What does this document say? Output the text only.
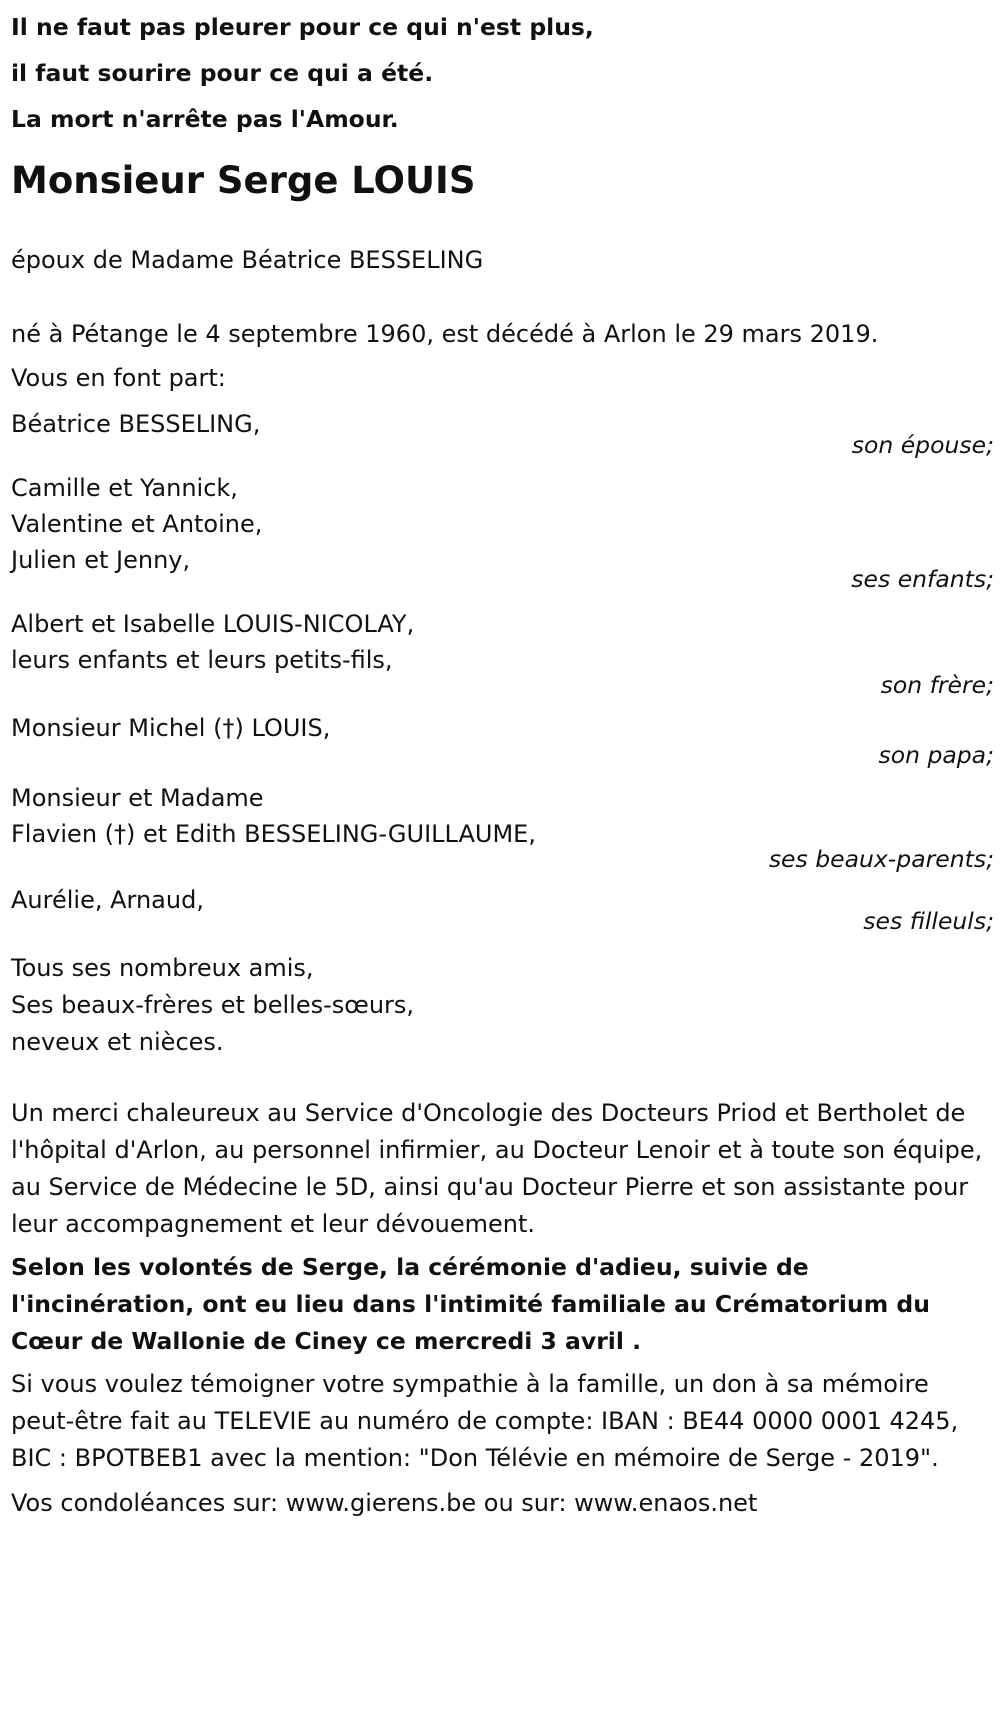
Il ne faut pas pleurer pour ce qui n'est plus,
il faut sourire pour ce qui a été.
La mort n'arrête pas l'Amour.
Monsieur Serge LOUIS
époux de Madame Béatrice BESSELING
né à Pétange le 4 septembre 1960, est décédé à Arlon le 29 mars 2019.
Vous en font part:
Béatrice BESSELING,
son épouse;
Camille et Yannick,
Valentine et Antoine,
Julien et Jenny,
ses enfants;
Albert et Isabelle LOUIS-NICOLAY,
leurs enfants et leurs petits-fils,
son frère;
Monsieur Michel (†) LOUIS,
son papa;
Monsieur et Madame
Flavien (†) et Edith BESSELING-GUILLAUME,
ses beaux-parents;
Aurélie, Arnaud,
ses filleuls;
Tous ses nombreux amis,
Ses beaux-frères et belles-sœurs,
neveux et nièces.

Un merci chaleureux au Service d'Oncologie des Docteurs Priod et Bertholet de l'hôpital d'Arlon, au personnel infirmier, au Docteur Lenoir et à toute son équipe, au Service de Médecine le 5D, ainsi qu'au Docteur Pierre et son assistante pour leur accompagnement et leur dévouement.

Selon les volontés de Serge, la cérémonie d'adieu, suivie de l'incinération, ont eu lieu dans l'intimité familiale au Crématorium du Cœur de Wallonie de Ciney ce mercredi 3 avril .

Si vous voulez témoigner votre sympathie à la famille, un don à sa mémoire peut-être fait au TELEVIE au numéro de compte: IBAN : BE44 0000 0001 4245, BIC : BPOTBEB1 avec la mention: "Don Télévie en mémoire de Serge - 2019".

Vos condoléances sur: www.gierens.be ou sur: www.enaos.net
